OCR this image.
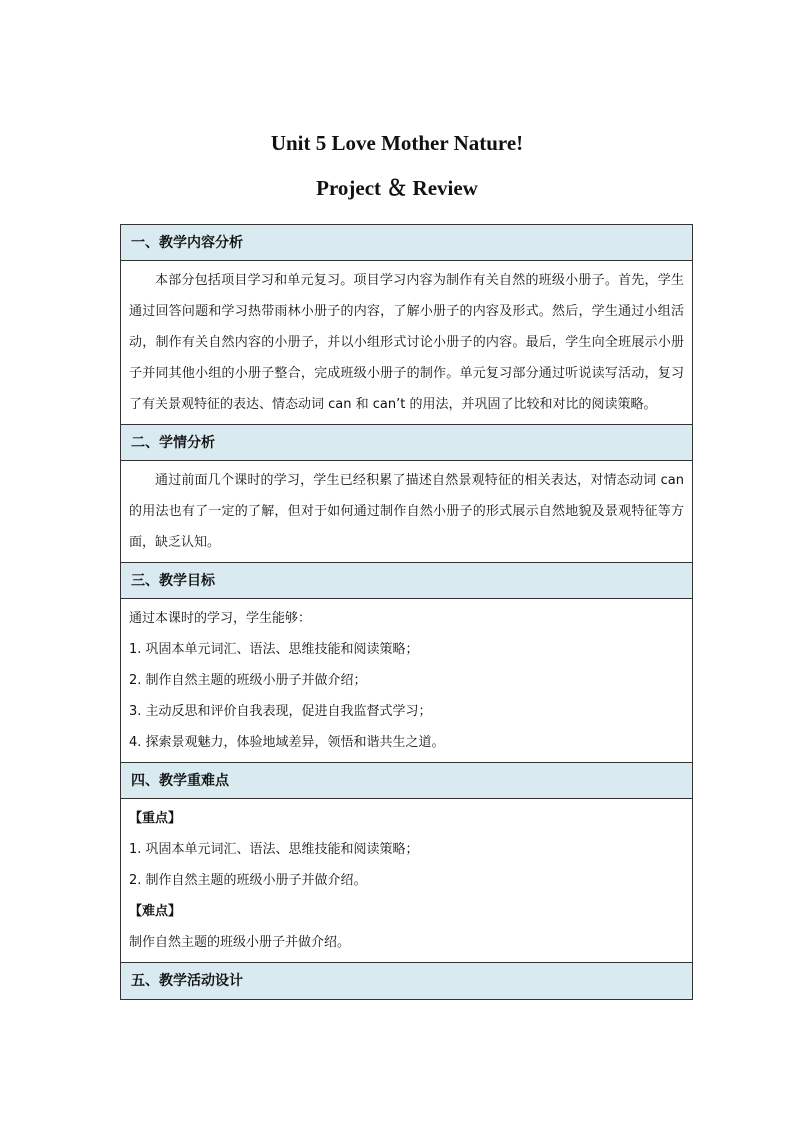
Unit 5 Love Mother Nature!
Project ＆ Review
一、教学内容分析

本部分包括项目学习和单元复习。项目学习内容为制作有关自然的班级小册子。首先，学生通过回答问题和学习热带雨林小册子的内容，了解小册子的内容及形式。然后，学生通过小组活动，制作有关自然内容的小册子，并以小组形式讨论小册子的内容。最后，学生向全班展示小册子并同其他小组的小册子整合，完成班级小册子的制作。单元复习部分通过听说读写活动，复习了有关景观特征的表达、情态动词 can 和 can’t 的用法，并巩固了比较和对比的阅读策略。

二、学情分析

通过前面几个课时的学习，学生已经积累了描述自然景观特征的相关表达，对情态动词 can 的用法也有了一定的了解，但对于如何通过制作自然小册子的形式展示自然地貌及景观特征等方面，缺乏认知。

三、教学目标

通过本课时的学习，学生能够：

1. 巩固本单元词汇、语法、思维技能和阅读策略；

2. 制作自然主题的班级小册子并做介绍；

3. 主动反思和评价自我表现，促进自我监督式学习；

4. 探索景观魅力，体验地域差异，领悟和谐共生之道。

四、教学重难点

【重点】

1. 巩固本单元词汇、语法、思维技能和阅读策略；

2. 制作自然主题的班级小册子并做介绍。

【难点】

制作自然主题的班级小册子并做介绍。

五、教学活动设计
